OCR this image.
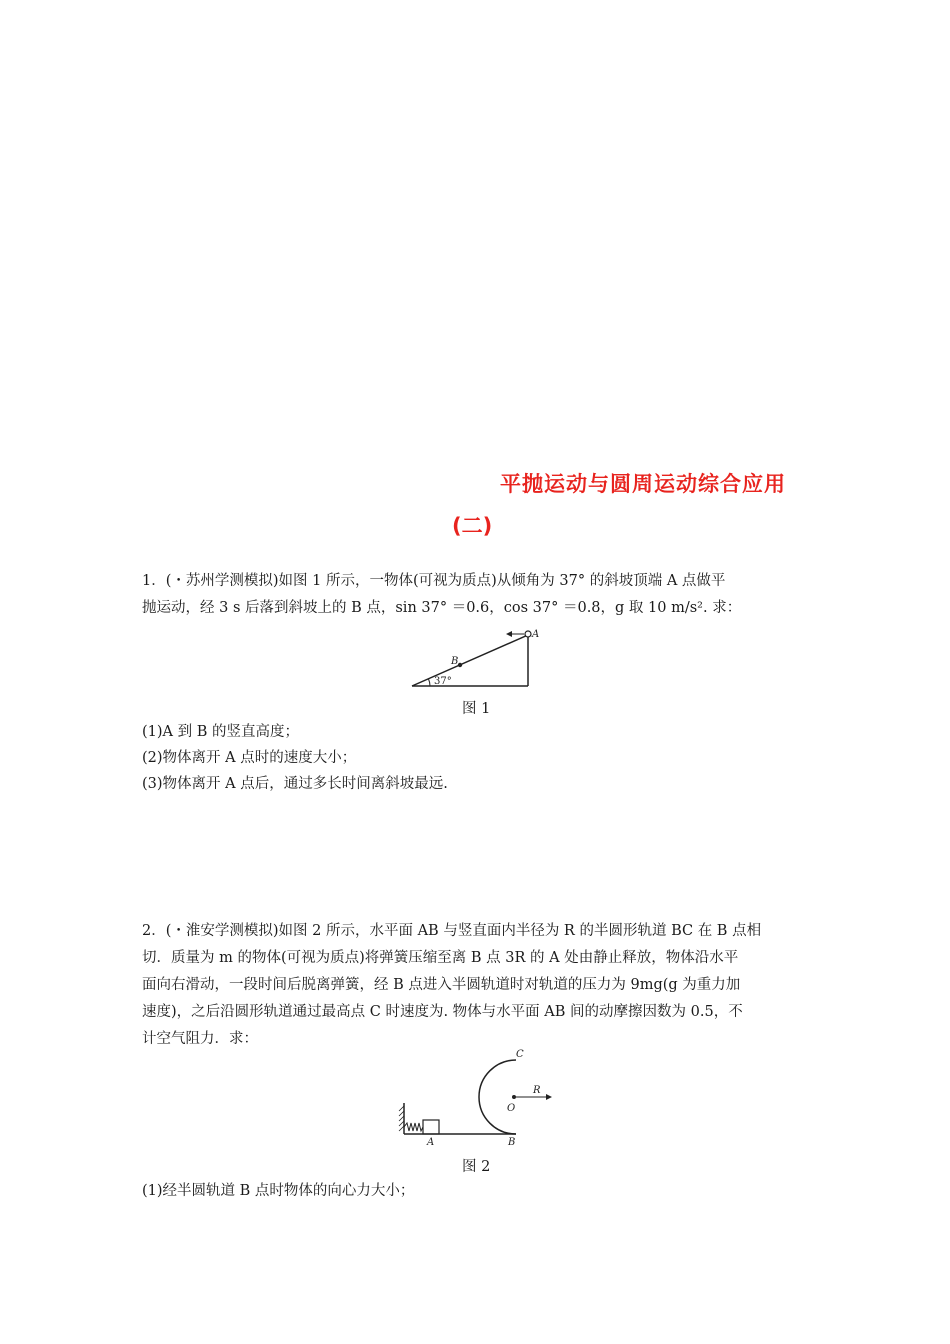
平抛运动与圆周运动综合应用
(二)
1．(・苏州学测模拟)如图 1 所示，一物体(可视为质点)从倾角为 37° 的斜坡顶端 A 点做平
抛运动，经 3 s 后落到斜坡上的 B 点，sin 37° ＝0.6，cos 37° ＝0.8，g 取 10 m/s². 求：
37°
A
B
图 1
(1)A 到 B 的竖直高度；
(2)物体离开 A 点时的速度大小；
(3)物体离开 A 点后，通过多长时间离斜坡最远.
2．(・淮安学测模拟)如图 2 所示，水平面 AB 与竖直面内半径为 R 的半圆形轨道 BC 在 B 点相
切．质量为 m 的物体(可视为质点)将弹簧压缩至离 B 点 3R 的 A 处由静止释放，物体沿水平
面向右滑动，一段时间后脱离弹簧，经 B 点进入半圆轨道时对轨道的压力为 9mg(g 为重力加
速度)，之后沿圆形轨道通过最高点 C 时速度为. 物体与水平面 AB 间的动摩擦因数为 0.5，不
计空气阻力．求：
A	B
C
O
R
图 2
(1)经半圆轨道 B 点时物体的向心力大小；
